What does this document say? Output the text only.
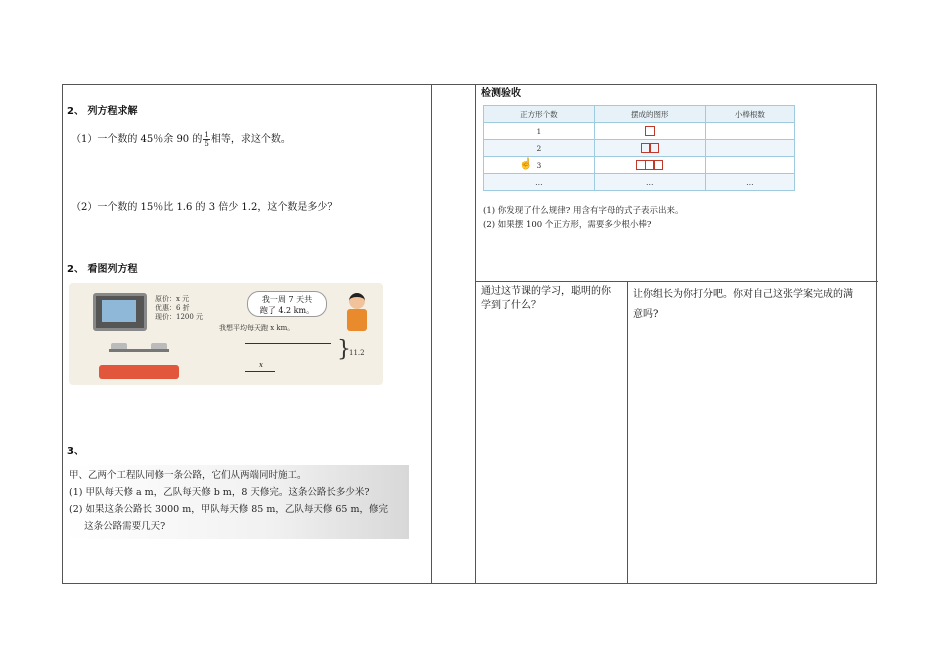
2、 列方程求解
（1）一个数的 45％余 90 的 $\frac{1}{5}$ 相等，求这个数。
（2）一个数的 15％比 1.6 的 3 倍少 1.2，这个数是多少？
2、 看图列方程
原价：x 元
优惠：6 折
现价：1200 元
我一周 7 天共
跑了 4.2 km。
我想平均每天跑 x km。
x
}
11.2
3、
甲、乙两个工程队同修一条公路，它们从两端同时施工。
(1) 甲队每天修 a m，乙队每天修 b m，8 天修完。这条公路长多少米?
(2) 如果这条公路长 3000 m，甲队每天修 85 m，乙队每天修 65 m，修完
这条公路需要几天?
检测验收
正方形个数	摆成的图形	小棒根数
1		
2		
3		
…	…	…
☝
(1) 你发现了什么规律? 用含有字母的式子表示出来。
(2) 如果摆 100 个正方形，需要多少根小棒?
通过这节课的学习，聪明的你
学到了什么？
让你组长为你打分吧。你对自己这张学案完成的满
意吗?
